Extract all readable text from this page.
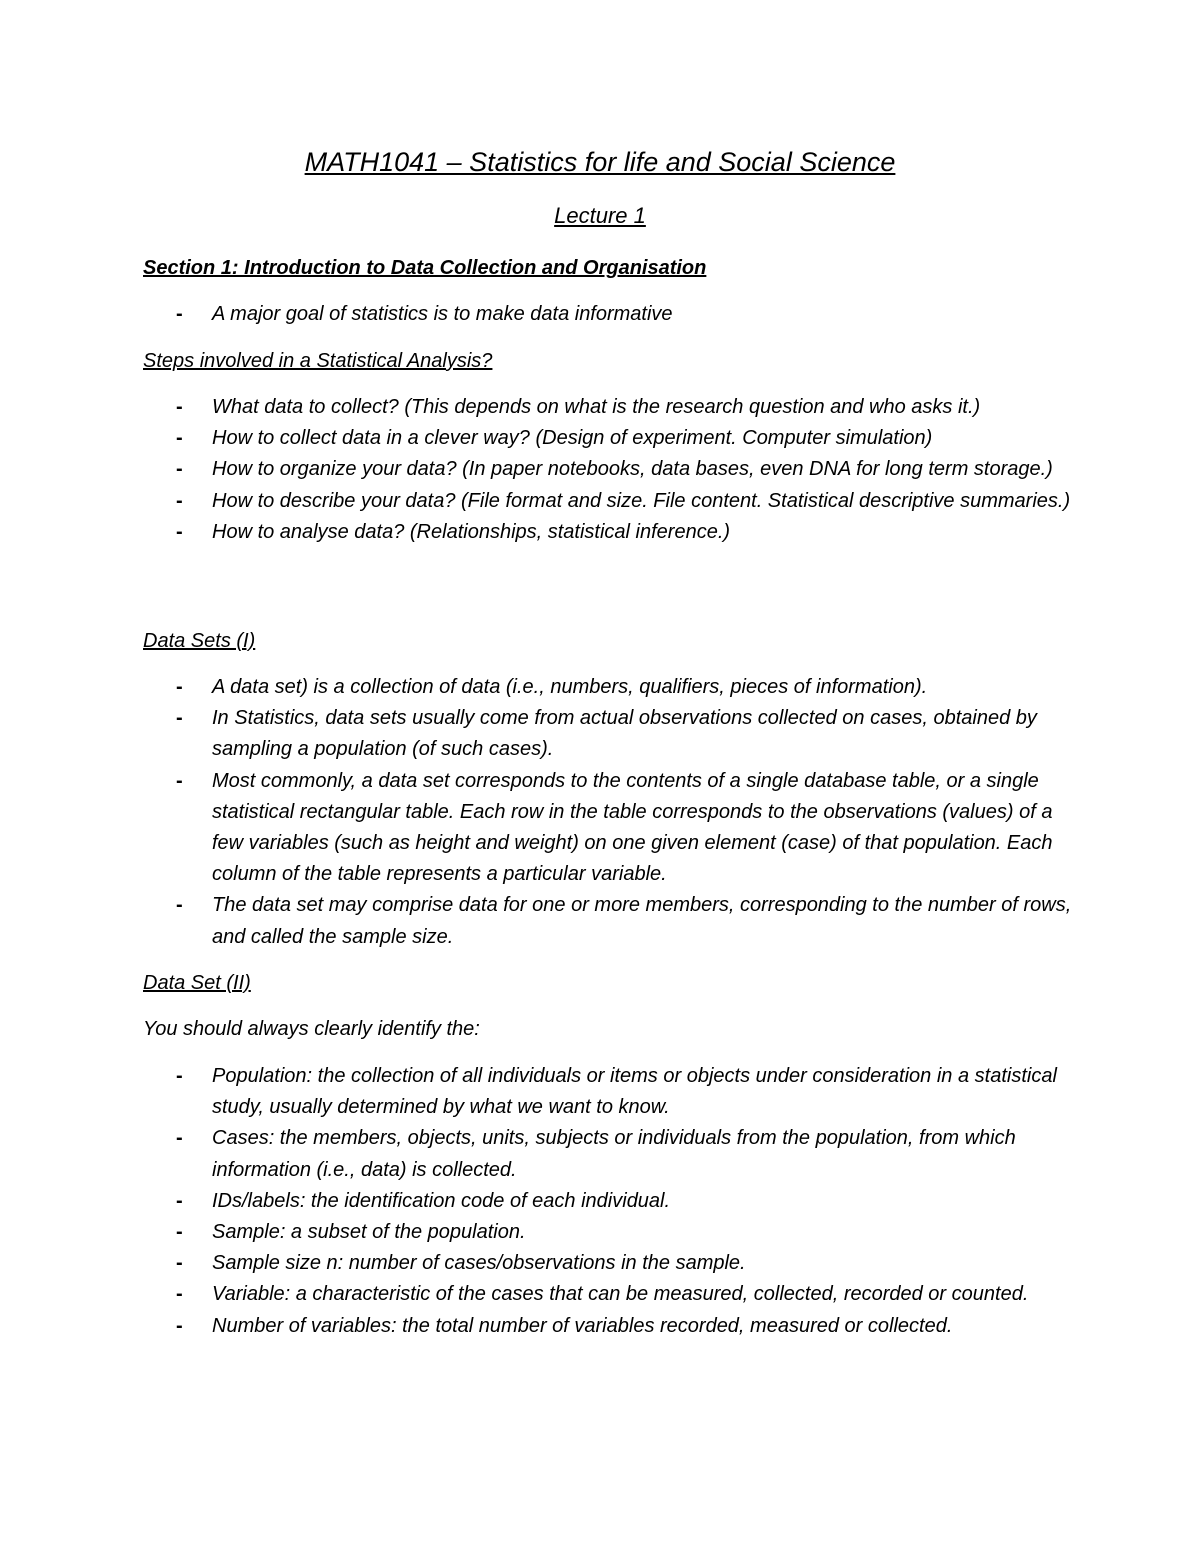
MATH1041 – Statistics for life and Social Science
Lecture 1
Section 1: Introduction to Data Collection and Organisation
- A major goal of statistics is to make data informative
Steps involved in a Statistical Analysis?
- What data to collect? (This depends on what is the research question and who asks it.)
- How to collect data in a clever way? (Design of experiment. Computer simulation)
- How to organize your data? (In paper notebooks, data bases, even DNA for long term storage.)
- How to describe your data? (File format and size. File content. Statistical descriptive summaries.)
- How to analyse data? (Relationships, statistical inference.)
Data Sets (I)
- A data set) is a collection of data (i.e., numbers, qualifiers, pieces of information).
- In Statistics, data sets usually come from actual observations collected on cases, obtained by sampling a population (of such cases).
- Most commonly, a data set corresponds to the contents of a single database table, or a single statistical rectangular table. Each row in the table corresponds to the observations (values) of a few variables (such as height and weight) on one given element (case) of that population. Each column of the table represents a particular variable.
- The data set may comprise data for one or more members, corresponding to the number of rows, and called the sample size.
Data Set (II)
You should always clearly identify the:
- Population: the collection of all individuals or items or objects under consideration in a statistical study, usually determined by what we want to know.
- Cases: the members, objects, units, subjects or individuals from the population, from which information (i.e., data) is collected.
- IDs/labels: the identification code of each individual.
- Sample: a subset of the population.
- Sample size n: number of cases/observations in the sample.
- Variable: a characteristic of the cases that can be measured, collected, recorded or counted.
- Number of variables: the total number of variables recorded, measured or collected.
